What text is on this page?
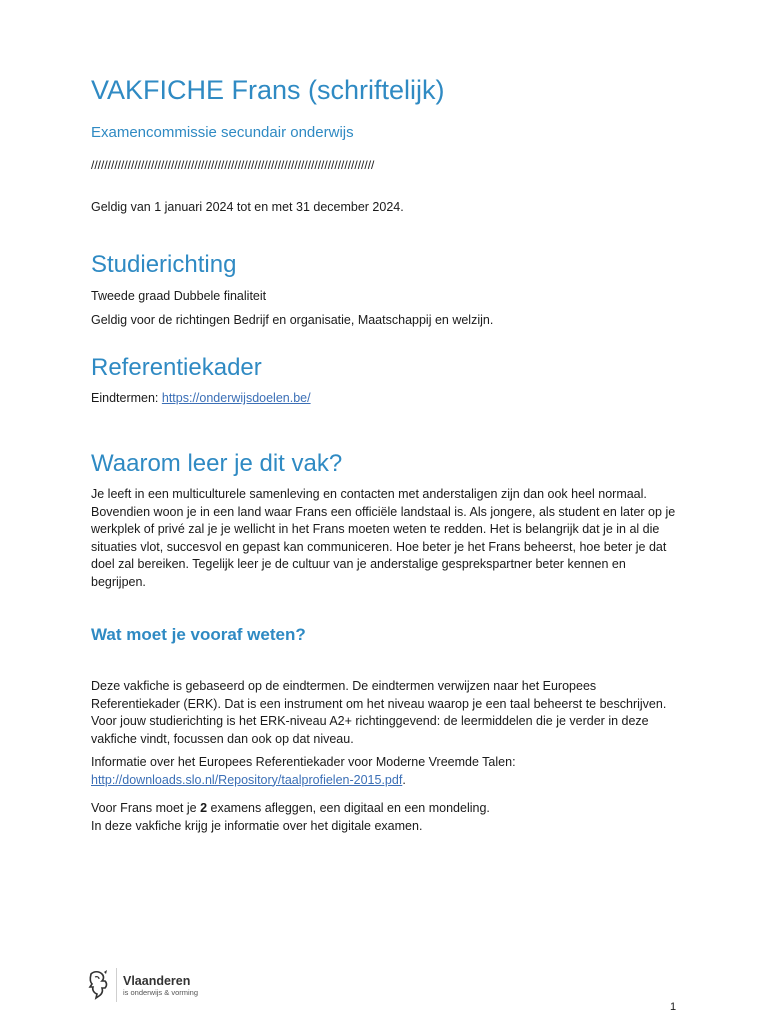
VAKFICHE Frans (schriftelijk)
Examencommissie secundair onderwijs
/////////////////////////////////////////////////////////////////////////////////////

Geldig van 1 januari 2024 tot en met 31 december 2024.

Studierichting

Tweede graad Dubbele finaliteit

Geldig voor de richtingen Bedrijf en organisatie, Maatschappij en welzijn.

Referentiekader

Eindtermen: https://onderwijsdoelen.be/

Waarom leer je dit vak?

Je leeft in een multiculturele samenleving en contacten met anderstaligen zijn dan ook heel normaal. Bovendien woon je in een land waar Frans een officiële landstaal is. Als jongere, als student en later op je werkplek of privé zal je je wellicht in het Frans moeten weten te redden. Het is belangrijk dat je in al die situaties vlot, succesvol en gepast kan communiceren. Hoe beter je het Frans beheerst, hoe beter je dat doel zal bereiken. Tegelijk leer je de cultuur van je anderstalige gesprekspartner beter kennen en begrijpen.

Wat moet je vooraf weten?

Deze vakfiche is gebaseerd op de eindtermen. De eindtermen verwijzen naar het Europees Referentiekader (ERK). Dat is een instrument om het niveau waarop je een taal beheerst te beschrijven. Voor jouw studierichting is het ERK-niveau A2+ richtinggevend: de leermiddelen die je verder in deze vakfiche vindt, focussen dan ook op dat niveau.

Informatie over het Europees Referentiekader voor Moderne Vreemde Talen:
http://downloads.slo.nl/Repository/taalprofielen-2015.pdf.

Voor Frans moet je 2 examens afleggen, een digitaal en een mondeling.
In deze vakfiche krijg je informatie over het digitale examen.

Vlaanderen
is onderwijs & vorming
1
